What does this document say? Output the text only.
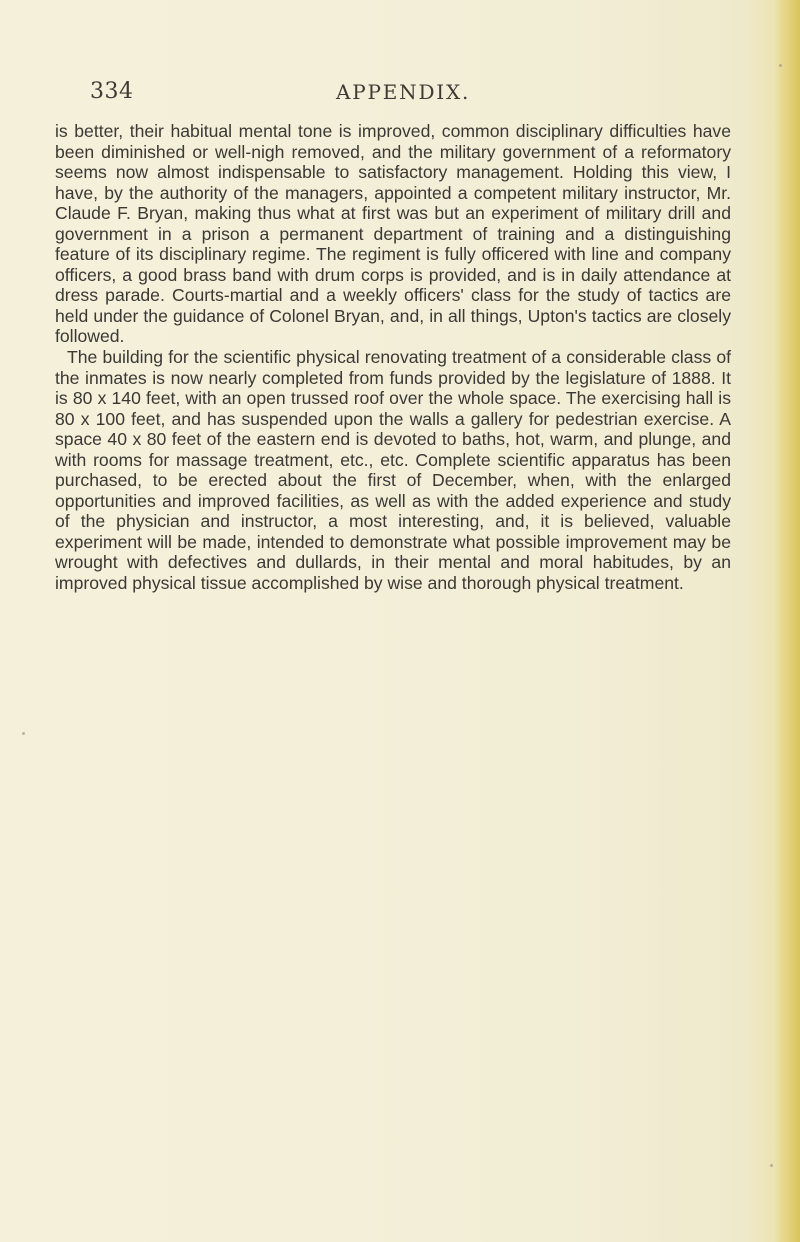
334	APPENDIX.

is better, their habitual mental tone is improved, common disciplinary difficulties have been diminished or well-nigh removed, and the military government of a reformatory seems now almost indispensable to satisfactory management. Holding this view, I have, by the authority of the managers, appointed a competent military instructor, Mr. Claude F. Bryan, making thus what at first was but an experiment of military drill and government in a prison a permanent department of training and a distinguishing feature of its disciplinary regime. The regiment is fully officered with line and company officers, a good brass band with drum corps is provided, and is in daily attendance at dress parade. Courts-martial and a weekly officers' class for the study of tactics are held under the guidance of Colonel Bryan, and, in all things, Upton's tactics are closely followed.

The building for the scientific physical renovating treatment of a considerable class of the inmates is now nearly completed from funds provided by the legislature of 1888. It is 80 x 140 feet, with an open trussed roof over the whole space. The exercising hall is 80 x 100 feet, and has suspended upon the walls a gallery for pedestrian exercise. A space 40 x 80 feet of the eastern end is devoted to baths, hot, warm, and plunge, and with rooms for massage treatment, etc., etc. Complete scientific apparatus has been purchased, to be erected about the first of December, when, with the enlarged opportunities and improved facilities, as well as with the added experience and study of the physician and instructor, a most interesting, and, it is believed, valuable experiment will be made, intended to demonstrate what possible improvement may be wrought with defectives and dullards, in their mental and moral habitudes, by an improved physical tissue accomplished by wise and thorough physical treatment.
